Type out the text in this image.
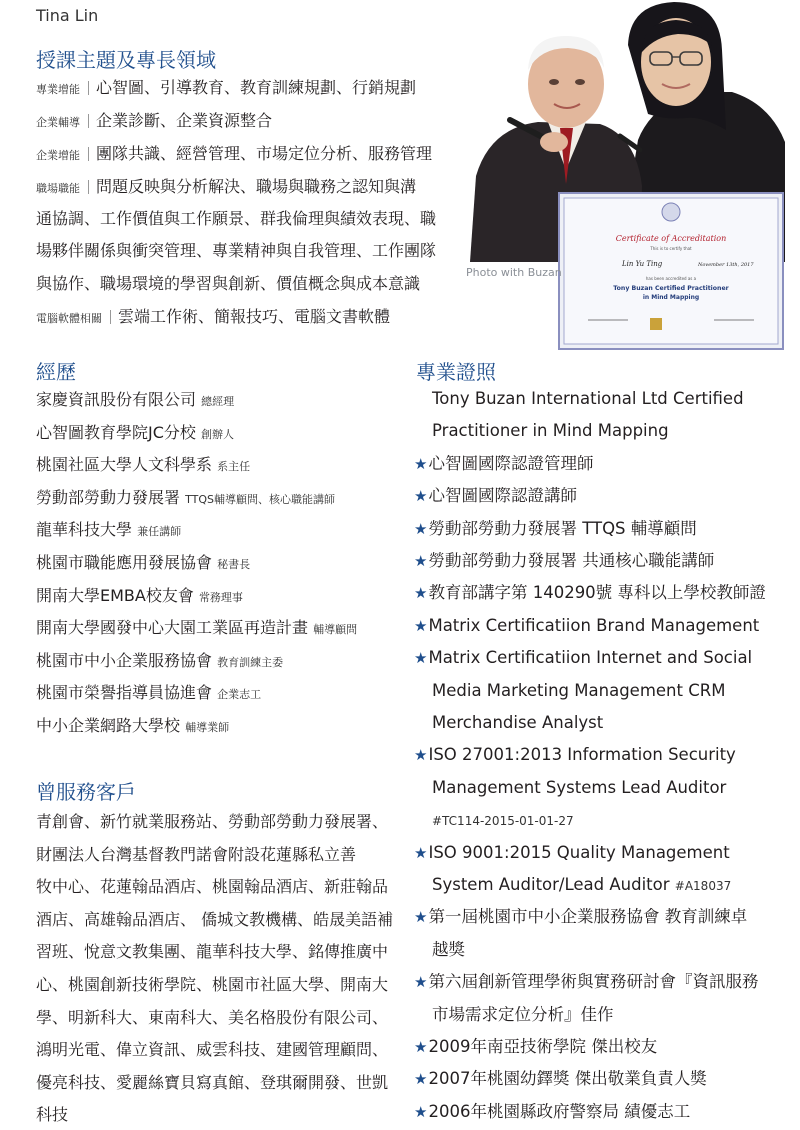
Tina Lin
授課主題及專長領域
專業增能 心智圖、引導教育、教育訓練規劃、行銷規劃
企業輔導 企業診斷、企業資源整合
企業增能 團隊共識、經營管理、市場定位分析、服務管理
職場職能 問題反映與分析解決、職場與職務之認知與溝
通協調、工作價值與工作願景、群我倫理與績效表現、職
場夥伴關係與衝突管理、專業精神與自我管理、工作團隊
與協作、職場環境的學習與創新、價值概念與成本意識
電腦軟體相關 雲端工作術、簡報技巧、電腦文書軟體
Certificate of Accreditation
This is to certify that
Lin Yu Ting	November 13th, 2017
has been accredited as a
Tony Buzan Certified Practitioner
in Mind Mapping
Photo with Buzan
經歷
家慶資訊股份有限公司 總經理
心智圖教育學院JC分校 創辦人
桃園社區大學人文科學系 系主任
勞動部勞動力發展署 TTQS輔導顧問、核心職能講師
龍華科技大學 兼任講師
桃園市職能應用發展協會 秘書長
開南大學EMBA校友會 常務理事
開南大學國發中心大園工業區再造計畫 輔導顧問
桃園市中小企業服務協會 教育訓練主委
桃園市榮譽指導員協進會 企業志工
中小企業網路大學校 輔導業師
曾服務客戶
青創會、新竹就業服務站、勞動部勞動力發展署、
財團法人台灣基督教門諾會附設花蓮縣私立善
牧中心、花蓮翰品酒店、桃園翰品酒店、新莊翰品
酒店、高雄翰品酒店、 僑城文教機構、皓晟美語補
習班、悅意文教集團、龍華科技大學、銘傳推廣中
心、桃園創新技術學院、桃園市社區大學、開南大
學、明新科大、東南科大、美名格股份有限公司、
鴻明光電、偉立資訊、威雲科技、建國管理顧問、
優亮科技、愛麗絲寶貝寫真館、登琪爾開發、世凱
科技
專業證照
Tony Buzan International Ltd Certified
Practitioner in Mind Mapping
★心智圖國際認證管理師
★心智圖國際認證講師
★勞動部勞動力發展署 TTQS 輔導顧問
★勞動部勞動力發展署 共通核心職能講師
★教育部講字第 140290號 專科以上學校教師證
★Matrix Certificatiion Brand Management
★Matrix Certificatiion Internet and Social
Media Marketing Management CRM
Merchandise Analyst
★ISO 27001:2013 Information Security
Management Systems Lead Auditor
#TC114-2015-01-01-27
★ISO 9001:2015 Quality Management
System Auditor/Lead Auditor #A18037
★第一屆桃園市中小企業服務協會 教育訓練卓
越獎
★第六屆創新管理學術與實務研討會『資訊服務
市場需求定位分析』佳作
★2009年南亞技術學院 傑出校友
★2007年桃園幼鐸獎 傑出敬業負責人獎
★2006年桃園縣政府警察局 績優志工
